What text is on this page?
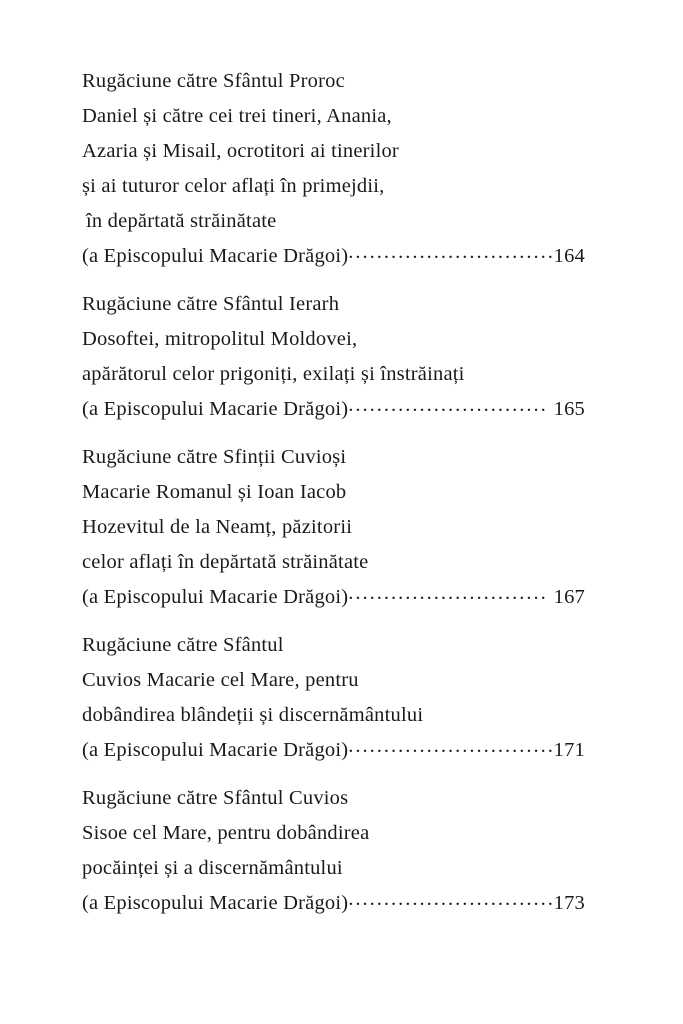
Rugăciune către Sfântul Proroc
Daniel și către cei trei tineri, Anania,
Azaria și Misail, ocrotitori ai tinerilor
și ai tuturor celor aflați în primejdii,
în depărtată străinătate
(a Episcopului Macarie Drăgoi) .....	164
Rugăciune către Sfântul Ierarh
Dosoftei, mitropolitul Moldovei,
apărătorul celor prigoniți, exilați și înstrăinați
(a Episcopului Macarie Drăgoi) .....	165
Rugăciune către Sfinții Cuvioși
Macarie Romanul și Ioan Iacob
Hozevitul de la Neamț, păzitorii
celor aflați în depărtată străinătate
(a Episcopului Macarie Drăgoi) .....	167
Rugăciune către Sfântul
Cuvios Macarie cel Mare, pentru
dobândirea blândeții și discernământului
(a Episcopului Macarie Drăgoi) .....	171
Rugăciune către Sfântul Cuvios
Sisoe cel Mare, pentru dobândirea
pocăinței și a discernământului
(a Episcopului Macarie Drăgoi) .....	173
